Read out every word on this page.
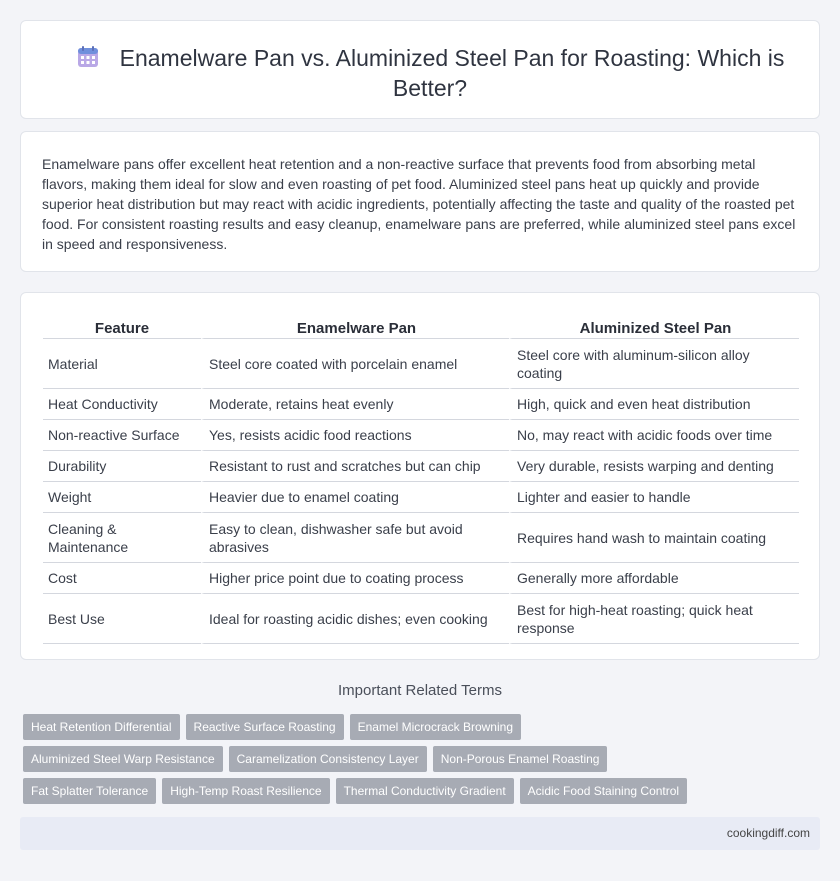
Enamelware Pan vs. Aluminized Steel Pan for Roasting: Which is Better?

Enamelware pans offer excellent heat retention and a non-reactive surface that prevents food from absorbing metal flavors, making them ideal for slow and even roasting of pet food. Aluminized steel pans heat up quickly and provide superior heat distribution but may react with acidic ingredients, potentially affecting the taste and quality of the roasted pet food. For consistent roasting results and easy cleanup, enamelware pans are preferred, while aluminized steel pans excel in speed and responsiveness.

Feature	Enamelware Pan	Aluminized Steel Pan
Material	Steel core coated with porcelain enamel	Steel core with aluminum-silicon alloy coating
Heat Conductivity	Moderate, retains heat evenly	High, quick and even heat distribution
Non-reactive Surface	Yes, resists acidic food reactions	No, may react with acidic foods over time
Durability	Resistant to rust and scratches but can chip	Very durable, resists warping and denting
Weight	Heavier due to enamel coating	Lighter and easier to handle
Cleaning & Maintenance	Easy to clean, dishwasher safe but avoid abrasives	Requires hand wash to maintain coating
Cost	Higher price point due to coating process	Generally more affordable
Best Use	Ideal for roasting acidic dishes; even cooking	Best for high-heat roasting; quick heat response
Important Related Terms
Heat Retention Differential	Reactive Surface Roasting	Enamel Microcrack Browning
Aluminized Steel Warp Resistance	Caramelization Consistency Layer	Non-Porous Enamel Roasting
Fat Splatter Tolerance	High-Temp Roast Resilience	Thermal Conductivity Gradient	Acidic Food Staining Control
cookingdiff.com
